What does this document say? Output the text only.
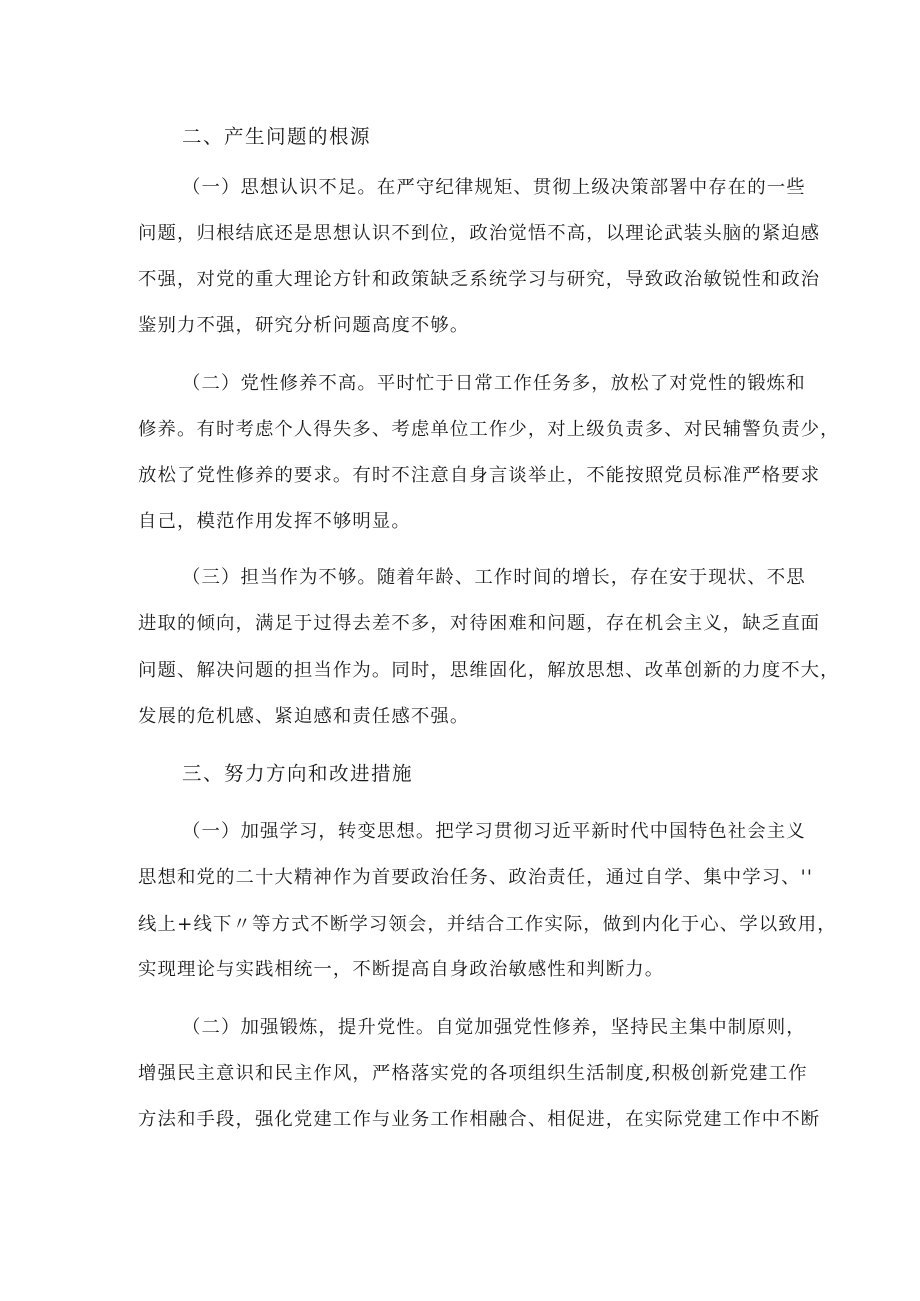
二、产生问题的根源
（一）思想认识不足。在严守纪律规矩、贯彻上级决策部署中存在的一些
问题，归根结底还是思想认识不到位，政治觉悟不高，以理论武装头脑的紧迫感
不强，对党的重大理论方针和政策缺乏系统学习与研究，导致政治敏锐性和政治
鉴别力不强，研究分析问题高度不够。
（二）党性修养不高。平时忙于日常工作任务多，放松了对党性的锻炼和
修养。有时考虑个人得失多、考虑单位工作少，对上级负责多、对民辅警负责少，
放松了党性修养的要求。有时不注意自身言谈举止，不能按照党员标准严格要求
自己，模范作用发挥不够明显。
（三）担当作为不够。随着年龄、工作时间的增长，存在安于现状、不思
进取的倾向，满足于过得去差不多，对待困难和问题，存在机会主义，缺乏直面
问题、解决问题的担当作为。同时，思维固化，解放思想、改革创新的力度不大，
发展的危机感、紧迫感和责任感不强。
三、努力方向和改进措施
（一）加强学习，转变思想。把学习贯彻习近平新时代中国特色社会主义
思想和党的二十大精神作为首要政治任务、政治责任，通过自学、集中学习、''
线上+线下〃等方式不断学习领会，并结合工作实际，做到内化于心、学以致用，
实现理论与实践相统一，不断提高自身政治敏感性和判断力。
（二）加强锻炼，提升党性。自觉加强党性修养，坚持民主集中制原则，
增强民主意识和民主作风，严格落实党的各项组织生活制度,积极创新党建工作
方法和手段，强化党建工作与业务工作相融合、相促进，在实际党建工作中不断
